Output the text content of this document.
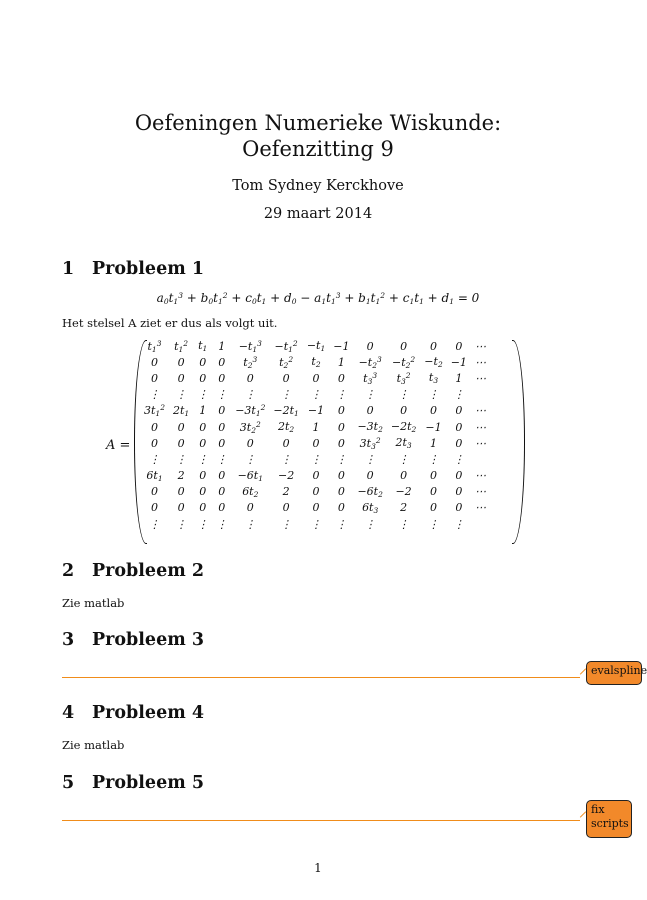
Oefeningen Numerieke Wiskunde:
Oefenzitting 9
Tom Sydney Kerckhove
29 maart 2014
1 Probleem 1
$a_0t_1^3 + b_0t_1^2 + c_0t_1 + d_0 - a_1t_1^3 + b_1t_1^2 + c_1t_1 + d_1 = 0$
Het stelsel A ziet er dus als volgt uit.
A =
$t_1^3$	$t_1^2$	$t_1$	1	$-t_1^3$	$-t_1^2$	$-t_1$	−1	0	0	0	0	⋯
0	0	0	0	$t_2^3$	$t_2^2$	$t_2$	1	$-t_2^3$	$-t_2^2$	$-t_2$	−1	⋯
0	0	0	0	0	0	0	0	$t_3^3$	$t_3^2$	$t_3$	1	⋯
⋮	⋮	⋮	⋮	⋮	⋮	⋮	⋮	⋮	⋮	⋮	⋮	
$3t_1^2$	$2t_1$	1	0	$-3t_1^2$	$-2t_1$	−1	0	0	0	0	0	⋯
0	0	0	0	$3t_2^2$	$2t_2$	1	0	$-3t_2$	$-2t_2$	−1	0	⋯
0	0	0	0	0	0	0	0	$3t_3^2$	$2t_3$	1	0	⋯
⋮	⋮	⋮	⋮	⋮	⋮	⋮	⋮	⋮	⋮	⋮	⋮	
$6t_1$	2	0	0	$-6t_1$	−2	0	0	0	0	0	0	⋯
0	0	0	0	$6t_2$	2	0	0	$-6t_2$	−2	0	0	⋯
0	0	0	0	0	0	0	0	$6t_3$	2	0	0	⋯
⋮	⋮	⋮	⋮	⋮	⋮	⋮	⋮	⋮	⋮	⋮	⋮	
2 Probleem 2
Zie matlab
3 Probleem 3
evalspline
4 Probleem 4
Zie matlab
5 Probleem 5
fix
scripts
1
